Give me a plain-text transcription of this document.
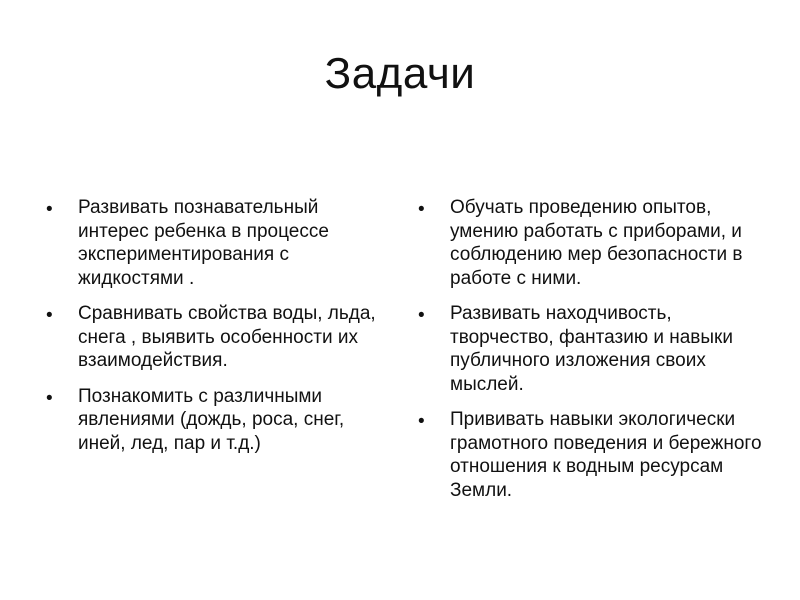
Задачи
• Развивать познавательный интерес ребенка в процессе экспериментирования с жидкостями .
• Сравнивать свойства воды, льда, снега , выявить особенности их взаимодействия.
• Познакомить с различными явлениями (дождь, роса, снег, иней, лед, пар и т.д.)
• Обучать проведению опытов, умению работать с приборами, и соблюдению мер безопасности в работе с ними.
• Развивать находчивость, творчество, фантазию и навыки публичного изложения своих мыслей.
• Прививать навыки экологически грамотного поведения и бережного отношения к водным ресурсам Земли.
